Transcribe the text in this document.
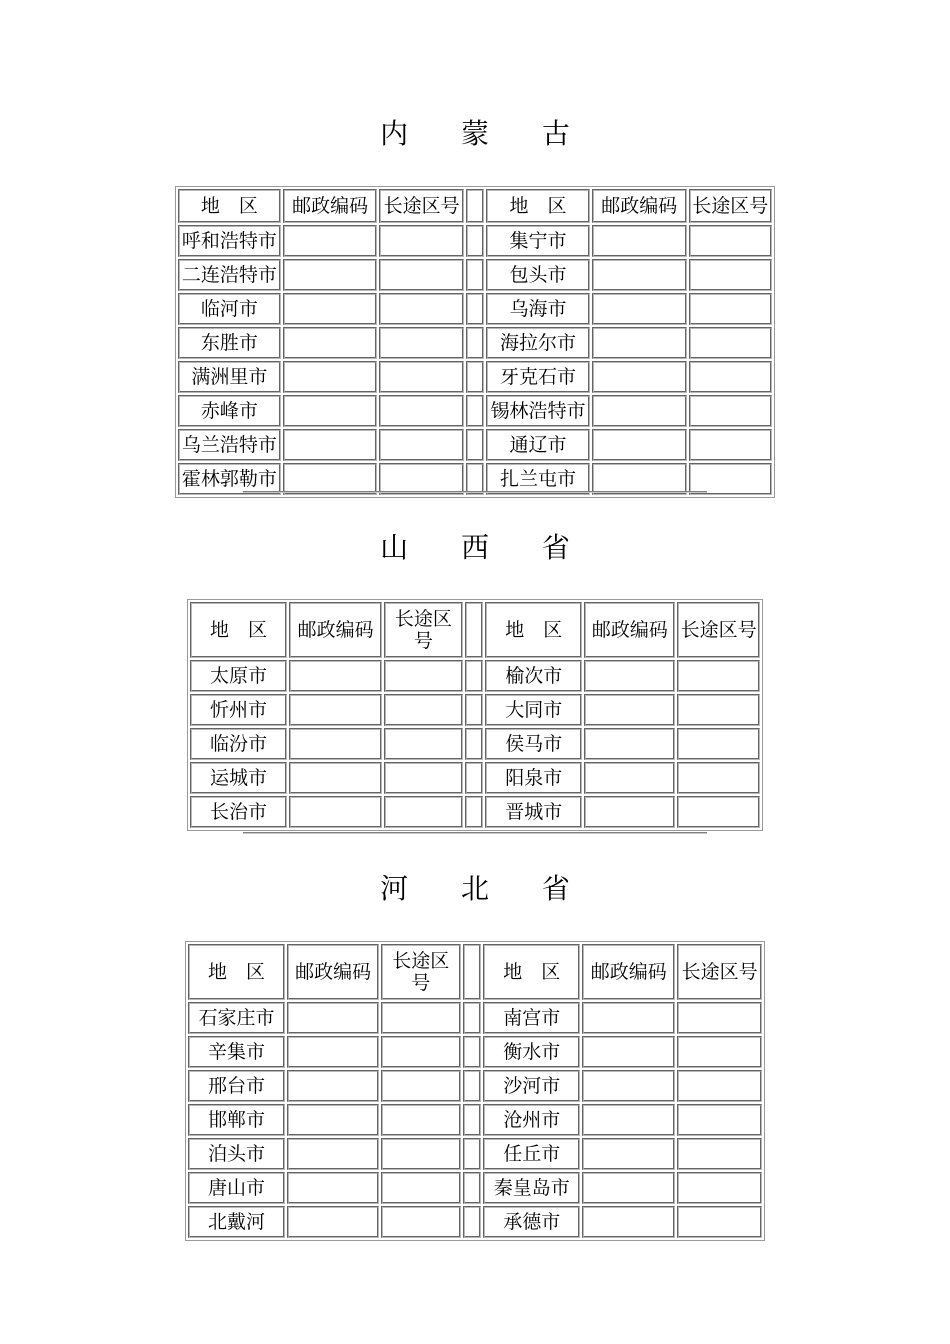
内 蒙 古
地　区	邮政编码	长途区号		地　区	邮政编码	长途区号
呼和浩特市				集宁市		
二连浩特市				包头市		
临河市				乌海市		
东胜市				海拉尔市		
满洲里市				牙克石市		
赤峰市				锡林浩特市		
乌兰浩特市				通辽市		
霍林郭勒市				扎兰屯市		
山 西 省
地　区	邮政编码	长途区号		地　区	邮政编码	长途区号
太原市				榆次市		
忻州市				大同市		
临汾市				侯马市		
运城市				阳泉市		
长治市				晋城市		
河 北 省
地　区	邮政编码	长途区号		地　区	邮政编码	长途区号
石家庄市				南宫市		
辛集市				衡水市		
邢台市				沙河市		
邯郸市				沧州市		
泊头市				任丘市		
唐山市				秦皇岛市		
北戴河				承德市		
